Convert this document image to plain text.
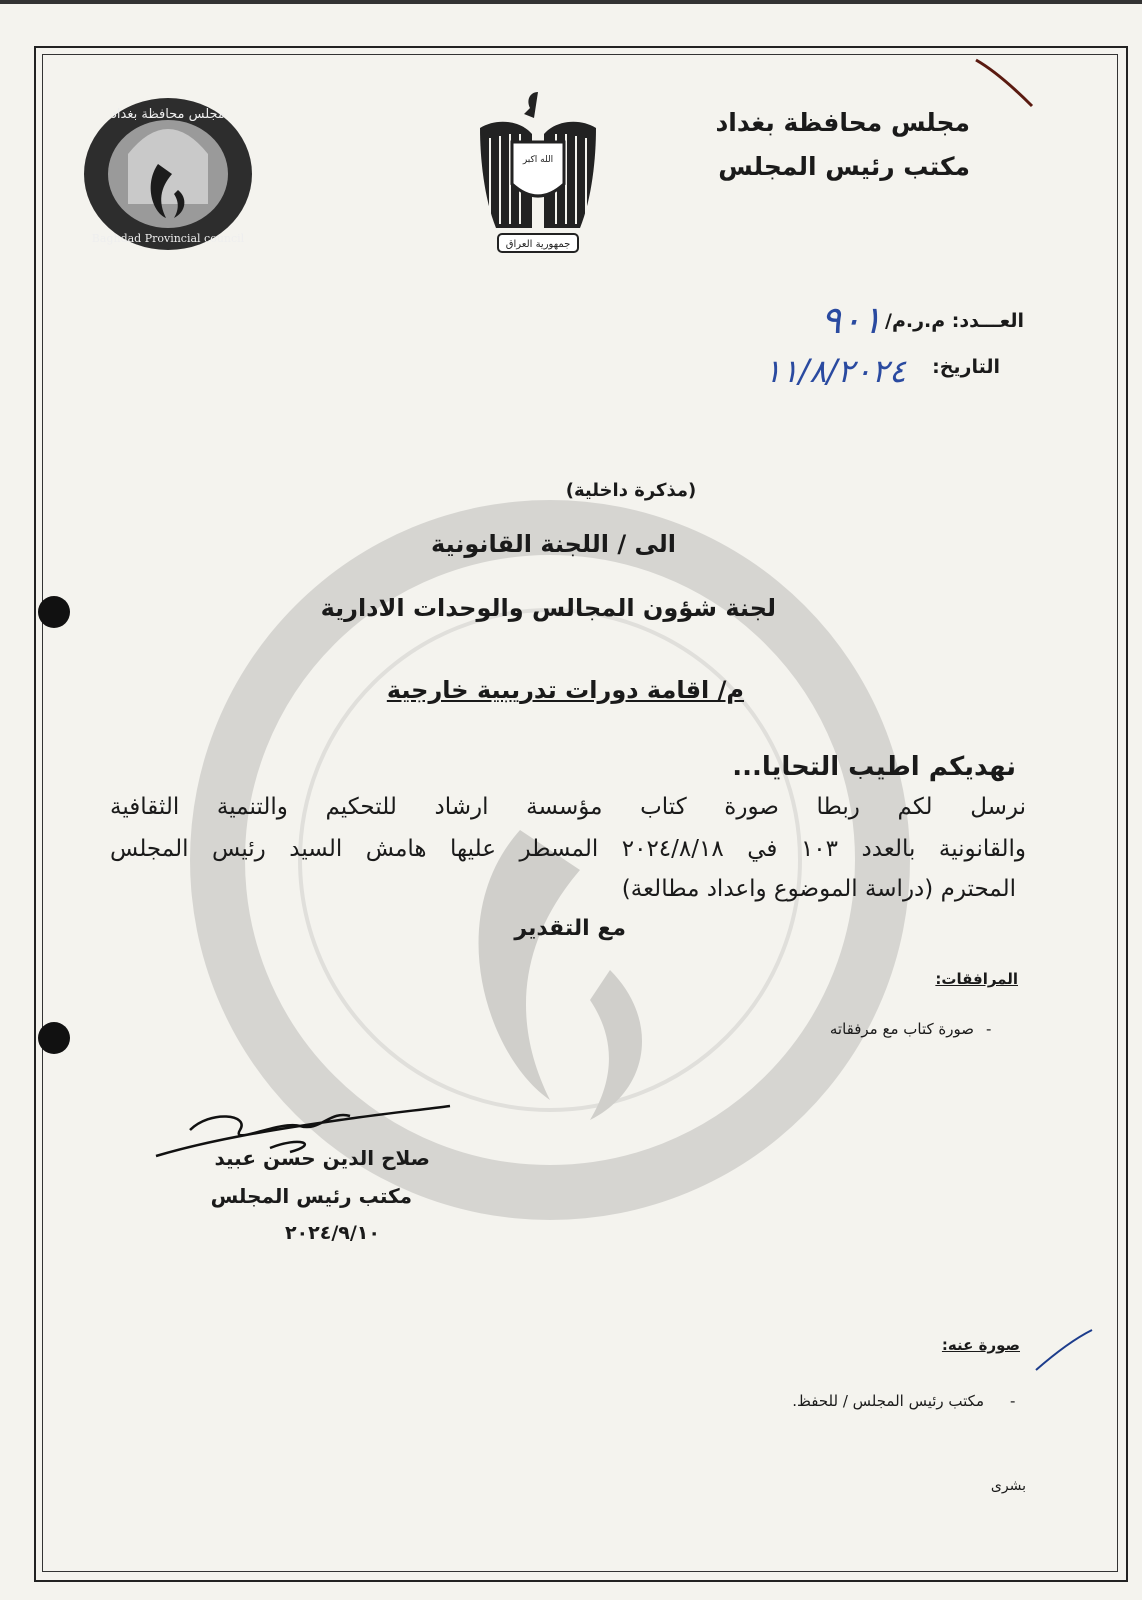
مجلس محافظة بغداد
Baghdad Provincial council
الله اكبر
جمهورية العراق
مجلس محافظة بغداد
مكتب رئيس المجلس
العـــدد: م.ر.م/
٩٠١
التاريخ:
١١/٨/٢٠٢٤
(مذكرة داخلية)
الى / اللجنة القانونية
لجنة شؤون المجالس والوحدات الادارية
م/ اقامة دورات تدريبية خارجية
نهديكم اطيب التحايا...
نرسل لكم ربطا صورة كتاب مؤسسة ارشاد للتحكيم والتنمية الثقافية
والقانونية بالعدد ١٠٣ في ٢٠٢٤/٨/١٨ المسطر عليها هامش السيد رئيس المجلس
المحترم (دراسة الموضوع واعداد مطالعة)
مع التقدير
المرافقات:
صورة كتاب مع مرفقاته -
صلاح الدين حسن عبيد
مكتب رئيس المجلس
٢٠٢٤/٩/١٠
صورة عنه:
مكتب رئيس المجلس / للحفظ. -
بشرى
